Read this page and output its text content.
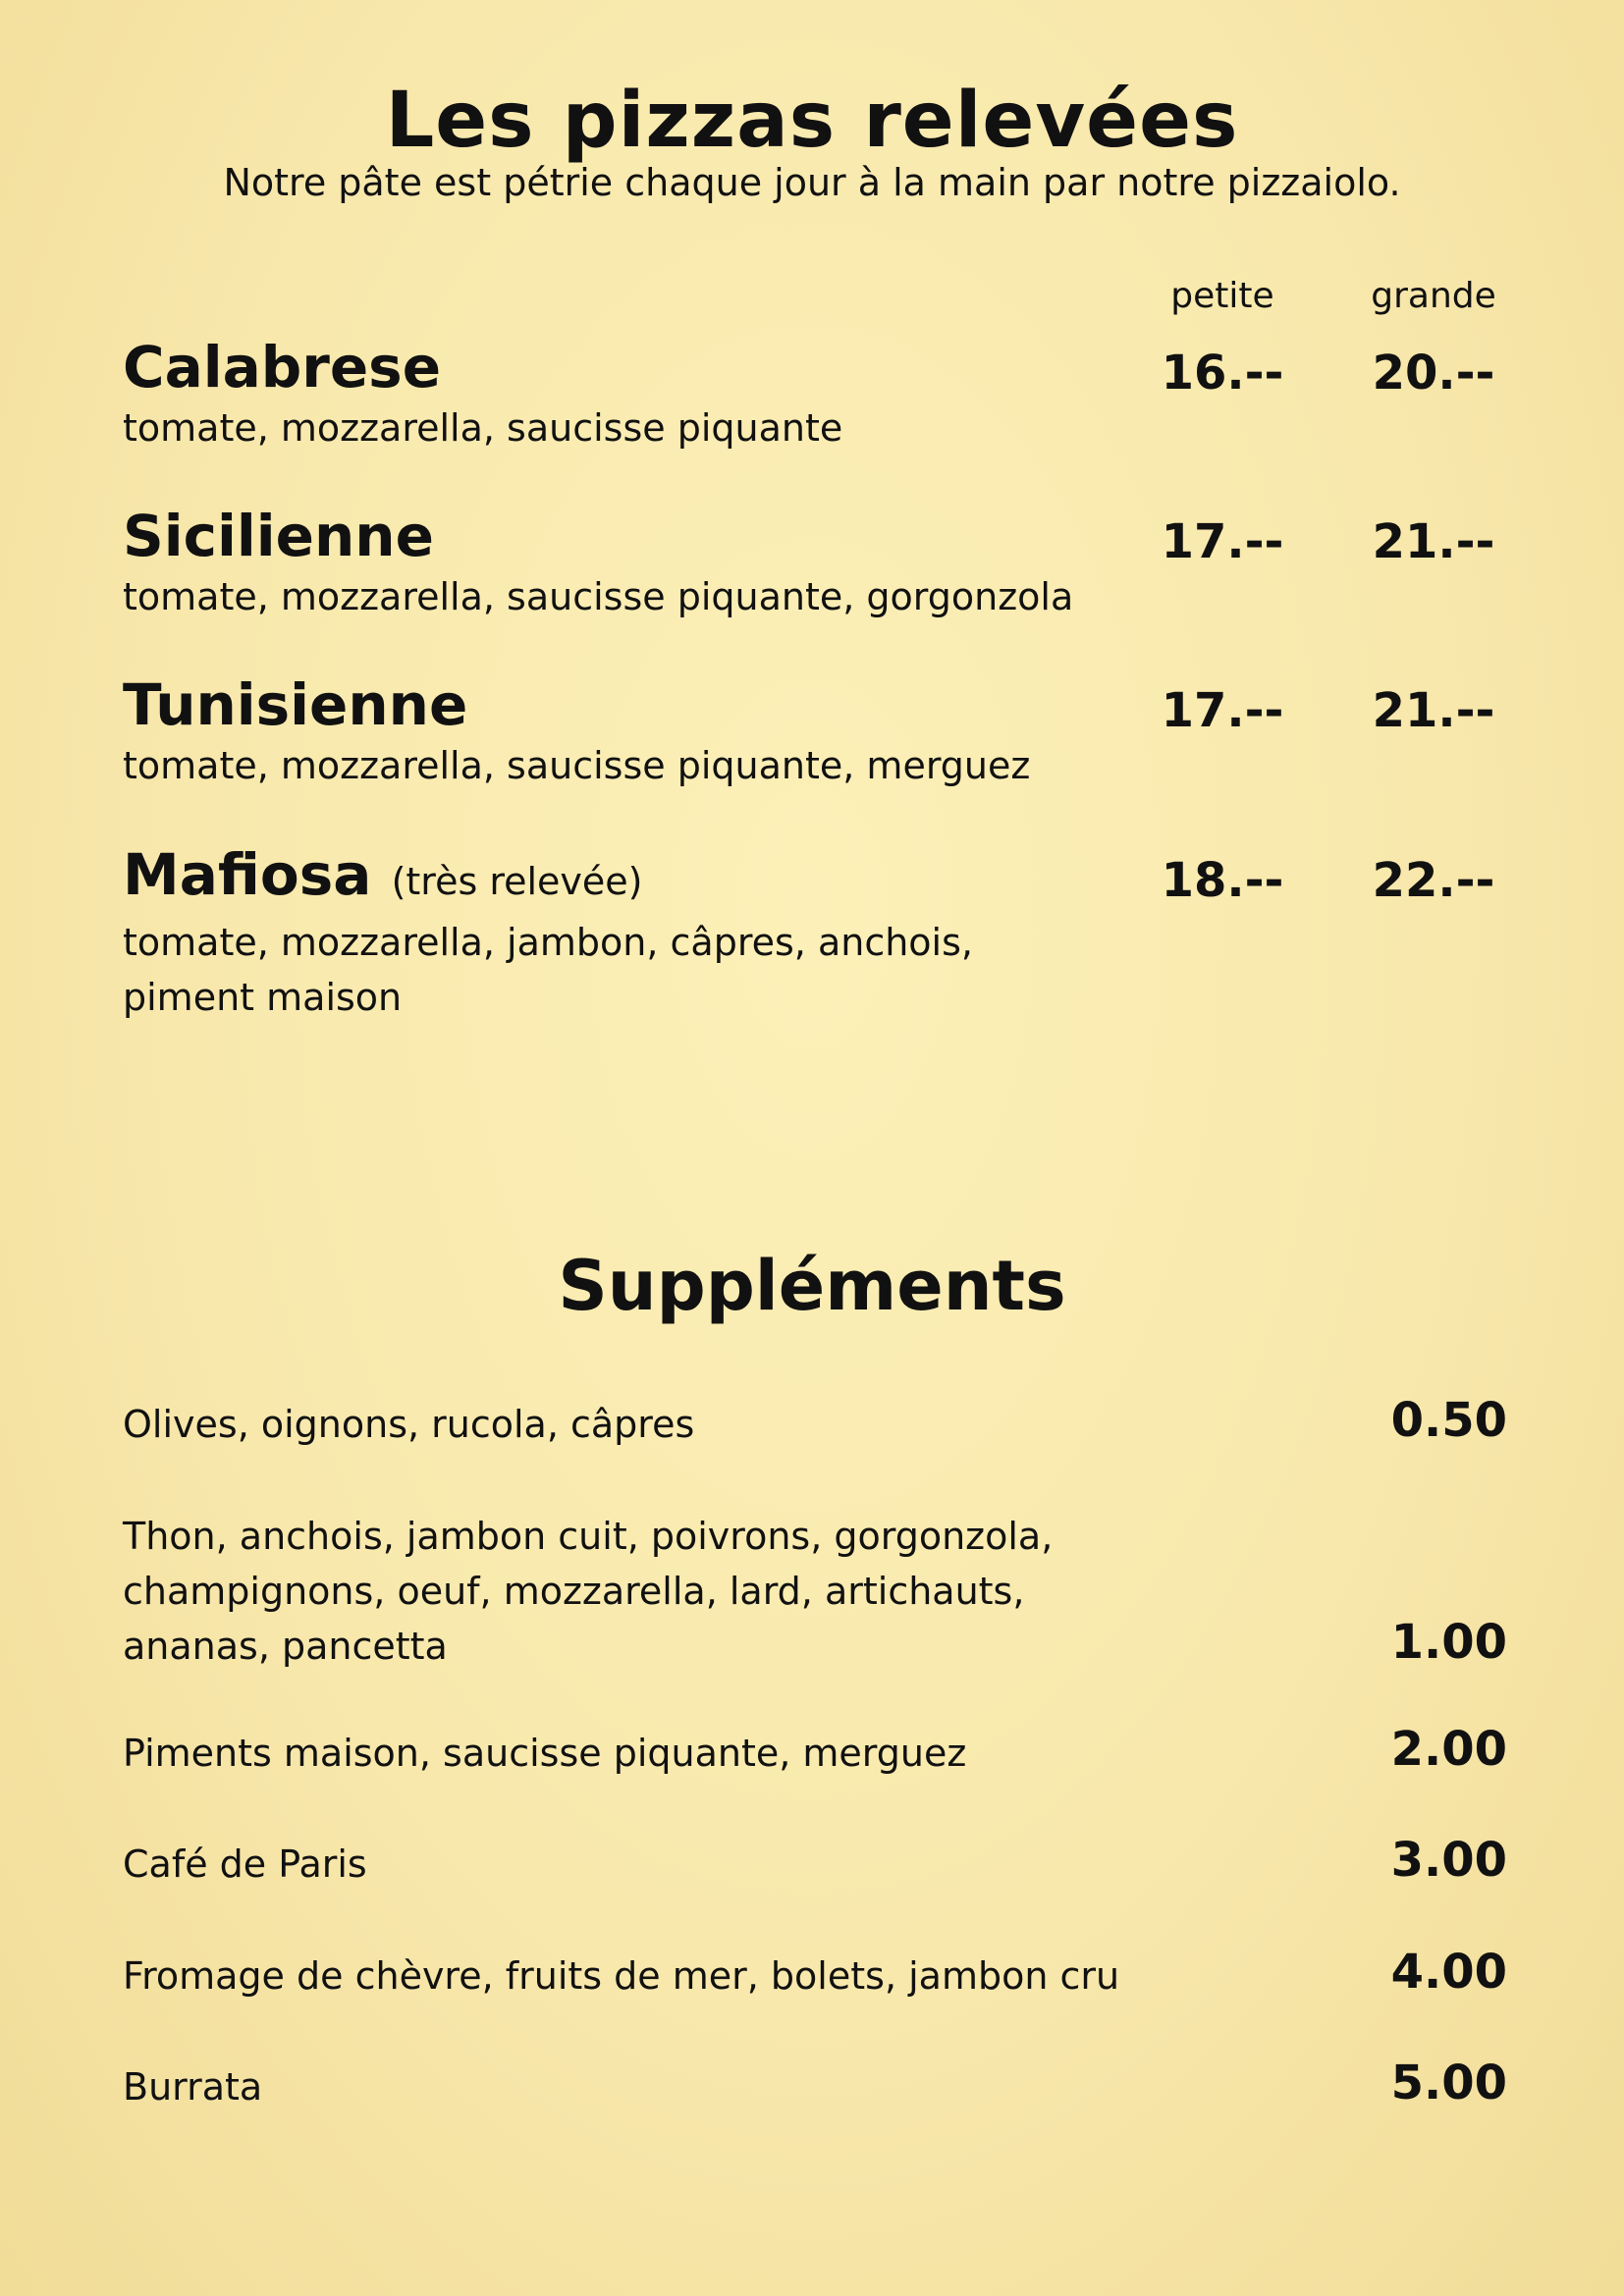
Les pizzas relevées
Notre pâte est pétrie chaque jour à la main par notre pizzaiolo.
petite	grande
Calabrese
tomate, mozzarella, saucisse piquante
16.--	20.--
Sicilienne
tomate, mozzarella, saucisse piquante, gorgonzola
17.--	21.--
Tunisienne
tomate, mozzarella, saucisse piquante, merguez
17.--	21.--
Mafiosa (très relevée)
tomate, mozzarella, jambon, câpres, anchois,
piment maison
18.--	22.--
Suppléments
Olives, oignons, rucola, câpres	0.50
Thon, anchois, jambon cuit, poivrons, gorgonzola,
champignons, oeuf, mozzarella, lard, artichauts,
ananas, pancetta	1.00
Piments maison, saucisse piquante, merguez	2.00
Café de Paris	3.00
Fromage de chèvre, fruits de mer, bolets, jambon cru	4.00
Burrata	5.00
